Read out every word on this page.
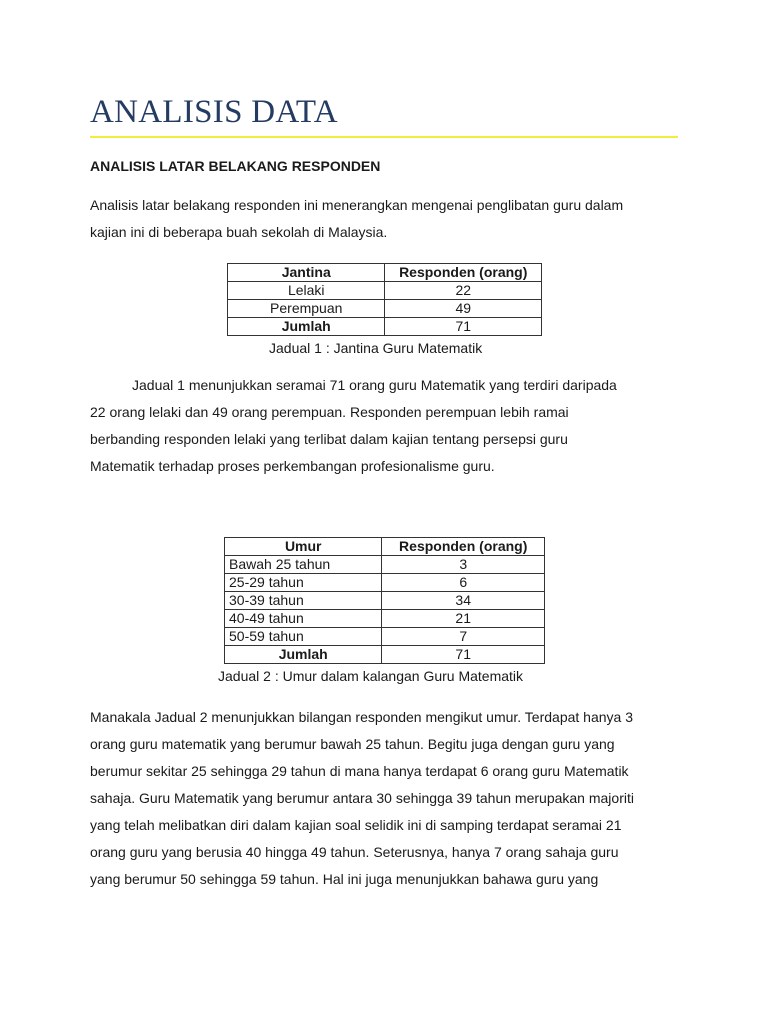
ANALISIS DATA
ANALISIS LATAR BELAKANG RESPONDEN
Analisis latar belakang responden ini menerangkan mengenai penglibatan guru dalam
kajian ini di beberapa buah sekolah di Malaysia.
Jantina	Responden (orang)
Lelaki	22
Perempuan	49
Jumlah	71
Jadual 1 : Jantina Guru Matematik
Jadual 1 menunjukkan seramai 71 orang guru Matematik yang terdiri daripada
22 orang lelaki dan 49 orang perempuan. Responden perempuan lebih ramai
berbanding responden lelaki yang terlibat dalam kajian tentang persepsi guru
Matematik terhadap proses perkembangan profesionalisme guru.
Umur	Responden (orang)
Bawah 25 tahun	3
25-29 tahun	6
30-39 tahun	34
40-49 tahun	21
50-59 tahun	7
Jumlah	71
Jadual 2 : Umur dalam kalangan Guru Matematik
Manakala Jadual 2 menunjukkan bilangan responden mengikut umur. Terdapat hanya 3
orang guru matematik yang berumur bawah 25 tahun. Begitu juga dengan guru yang
berumur sekitar 25 sehingga 29 tahun di mana hanya terdapat 6 orang guru Matematik
sahaja. Guru Matematik yang berumur antara 30 sehingga 39 tahun merupakan majoriti
yang telah melibatkan diri dalam kajian soal selidik ini di samping terdapat seramai 21
orang guru yang berusia 40 hingga 49 tahun. Seterusnya, hanya 7 orang sahaja guru
yang berumur 50 sehingga 59 tahun. Hal ini juga menunjukkan bahawa guru yang
